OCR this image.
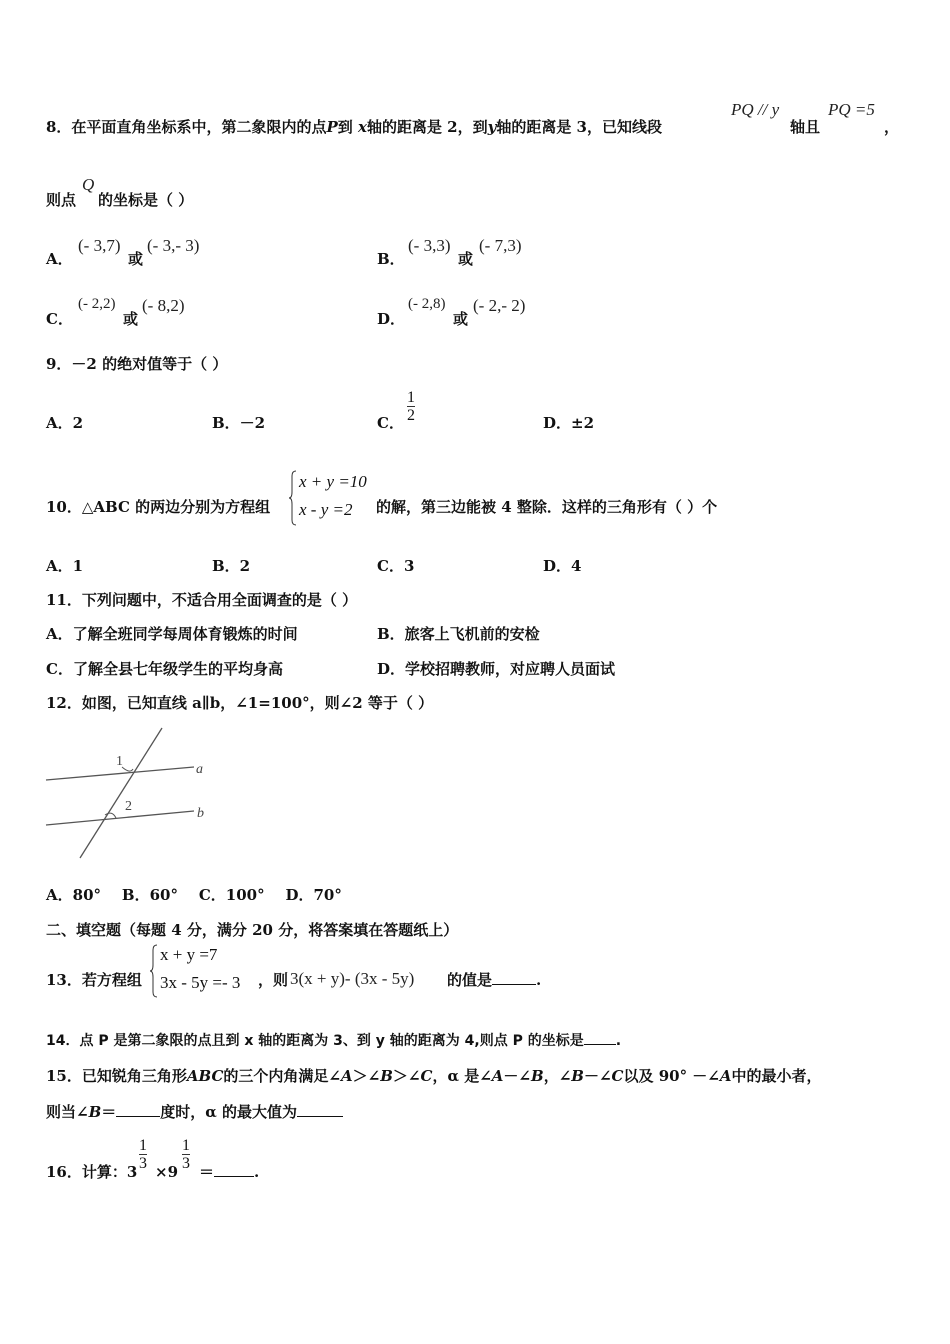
8．在平面直角坐标系中，第二象限内的点P到 x轴的距离是 2，到y轴的距离是 3，已知线段
PQ // y
轴且
PQ =5
，
则点
Q
的坐标是（ ）
A．
(- 3,7)
或
(- 3,- 3)
B．
(- 3,3)
或
(- 7,3)
C．
(- 2,2)
或
(- 8,2)
D．
(- 2,8)
或
(- 2,- 2)
9．－2 的绝对值等于（ ）
A．2	B．－2	C．
1
2	D．±2
10．△ABC 的两边分别为方程组
x + y =10
x - y =2 的解，第三边能被 4 整除．这样的三角形有（ ）个
A．1	B．2	C．3	D．4
11．下列问题中，不适合用全面调查的是（ ）
A．了解全班同学每周体育锻炼的时间	B．旅客上飞机前的安检
C．了解全县七年级学生的平均身高	D．学校招聘教师，对应聘人员面试
12．如图，已知直线 a∥b，∠1=100°，则∠2 等于（ ）
1
2
a
b
A．80°    B．60°    C．100°    D．70°
二、填空题（每题 4 分，满分 20 分，将答案填在答题纸上）
13．若方程组
x + y =7
3x - 5y =- 3 ，则 3(x + y)- (3x - 5y) 的值是	.
14．点 P 是第二象限的点且到 x 轴的距离为 3、到 y 轴的距离为 4,则点 P 的坐标是 .
15．已知锐角三角形ABC的三个内角满足∠A＞∠B＞∠C，α 是∠A－∠B，∠B－∠C以及 90° －∠A中的最小者，
则当∠B＝	度时，α 的最大值为
16．计算：3
1
3 ×9
1
3 ＝	.
